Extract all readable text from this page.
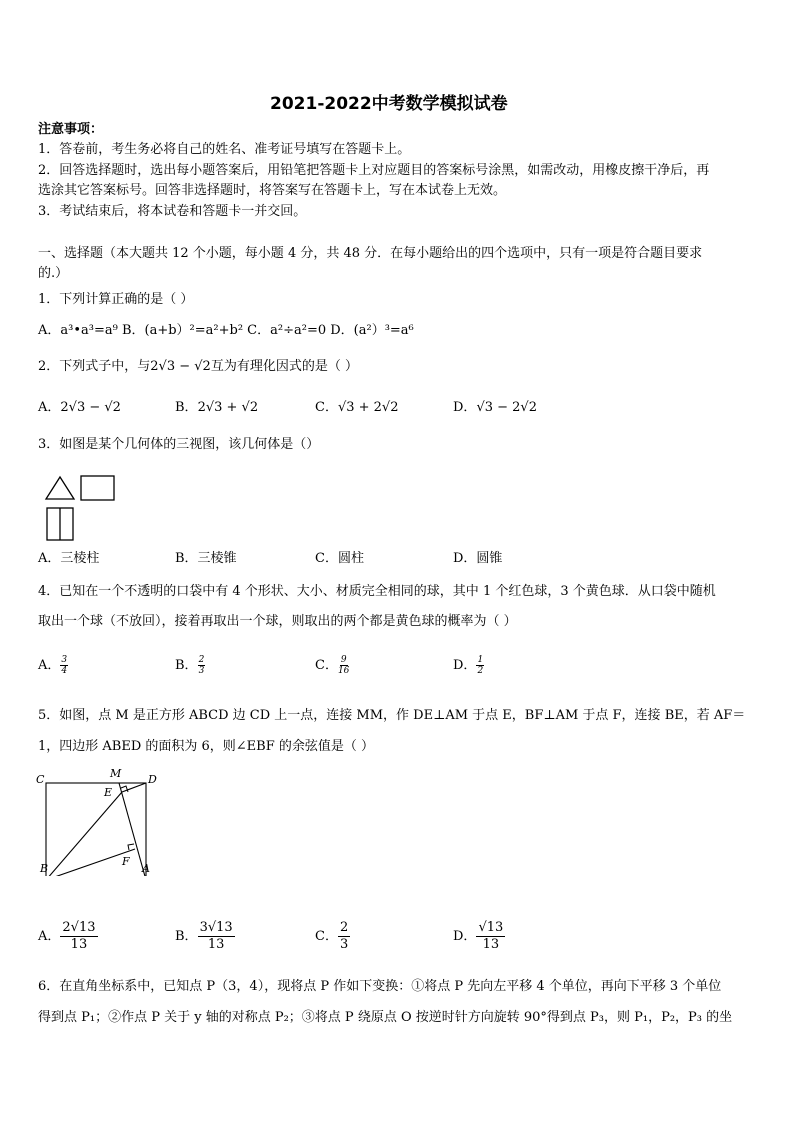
2021-2022中考数学模拟试卷
注意事项：
1．答卷前，考生务必将自己的姓名、准考证号填写在答题卡上。
2．回答选择题时，选出每小题答案后，用铅笔把答题卡上对应题目的答案标号涂黑，如需改动，用橡皮擦干净后，再
选涂其它答案标号。回答非选择题时，将答案写在答题卡上，写在本试卷上无效。
3．考试结束后，将本试卷和答题卡一并交回。
一、选择题（本大题共 12 个小题，每小题 4 分，共 48 分．在每小题给出的四个选项中，只有一项是符合题目要求
的.）
1．下列计算正确的是（ ）
A．a³•a³=a⁹ B．(a+b）²=a²+b² C．a²÷a²=0 D．(a²）³=a⁶
2．下列式子中，与2√3 − √2互为有理化因式的是（ ）
A．2√3 − √2	B．2√3 + √2	C．√3 + 2√2	D．√3 − 2√2
3．如图是某个几何体的三视图，该几何体是（）
A．三棱柱	B．三棱锥	C．圆柱	D．圆锥
4．已知在一个不透明的口袋中有 4 个形状、大小、材质完全相同的球，其中 1 个红色球，3 个黄色球．从口袋中随机
取出一个球（不放回），接着再取出一个球，则取出的两个都是黄色球的概率为（ ）
A． $\frac{3}{4}$	B． $\frac{2}{3}$	C． $\frac{9}{16}$	D． $\frac{1}{2}$
5．如图，点 M 是正方形 ABCD 边 CD 上一点，连接 MM，作 DE⊥AM 于点 E，BF⊥AM 于点 F，连接 BE，若 AF＝
1，四边形 ABED 的面积为 6，则∠EBF 的余弦值是（ ）
C	M D
E
F
B	A
A． $\frac{2√13}{13}$	B． $\frac{3√13}{13}$	C． $\frac{2}{3}$	D． $\frac{√13}{13}$
6．在直角坐标系中，已知点 P（3，4），现将点 P 作如下变换：①将点 P 先向左平移 4 个单位，再向下平移 3 个单位
得到点 P₁；②作点 P 关于 y 轴的对称点 P₂；③将点 P 绕原点 O 按逆时针方向旋转 90°得到点 P₃，则 P₁，P₂，P₃ 的坐
